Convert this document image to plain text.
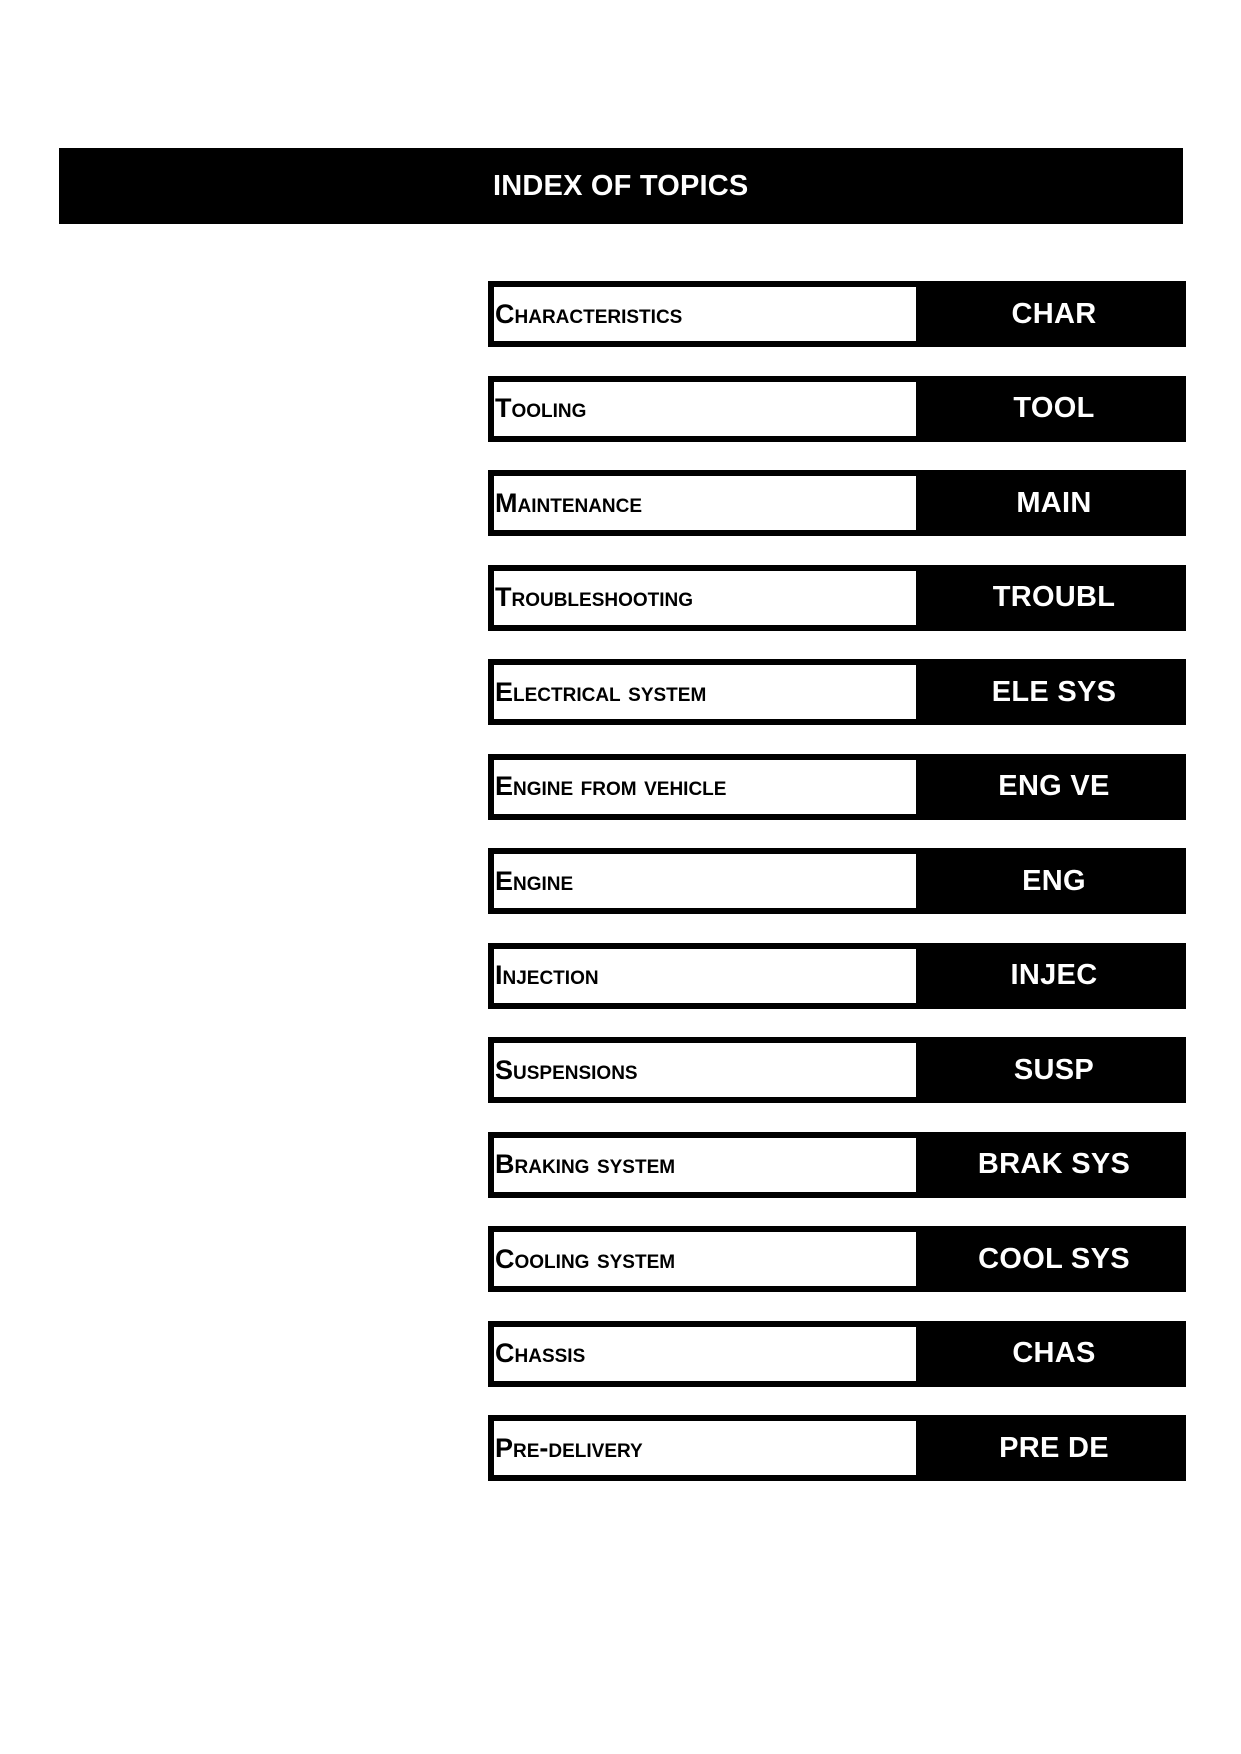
INDEX OF TOPICS
Characteristics	CHAR
Tooling	TOOL
Maintenance	MAIN
Troubleshooting	TROUBL
Electrical system	ELE SYS
Engine from vehicle	ENG VE
Engine	ENG
Injection	INJEC
Suspensions	SUSP
Braking system	BRAK SYS
Cooling system	COOL SYS
Chassis	CHAS
Pre-delivery	PRE DE
